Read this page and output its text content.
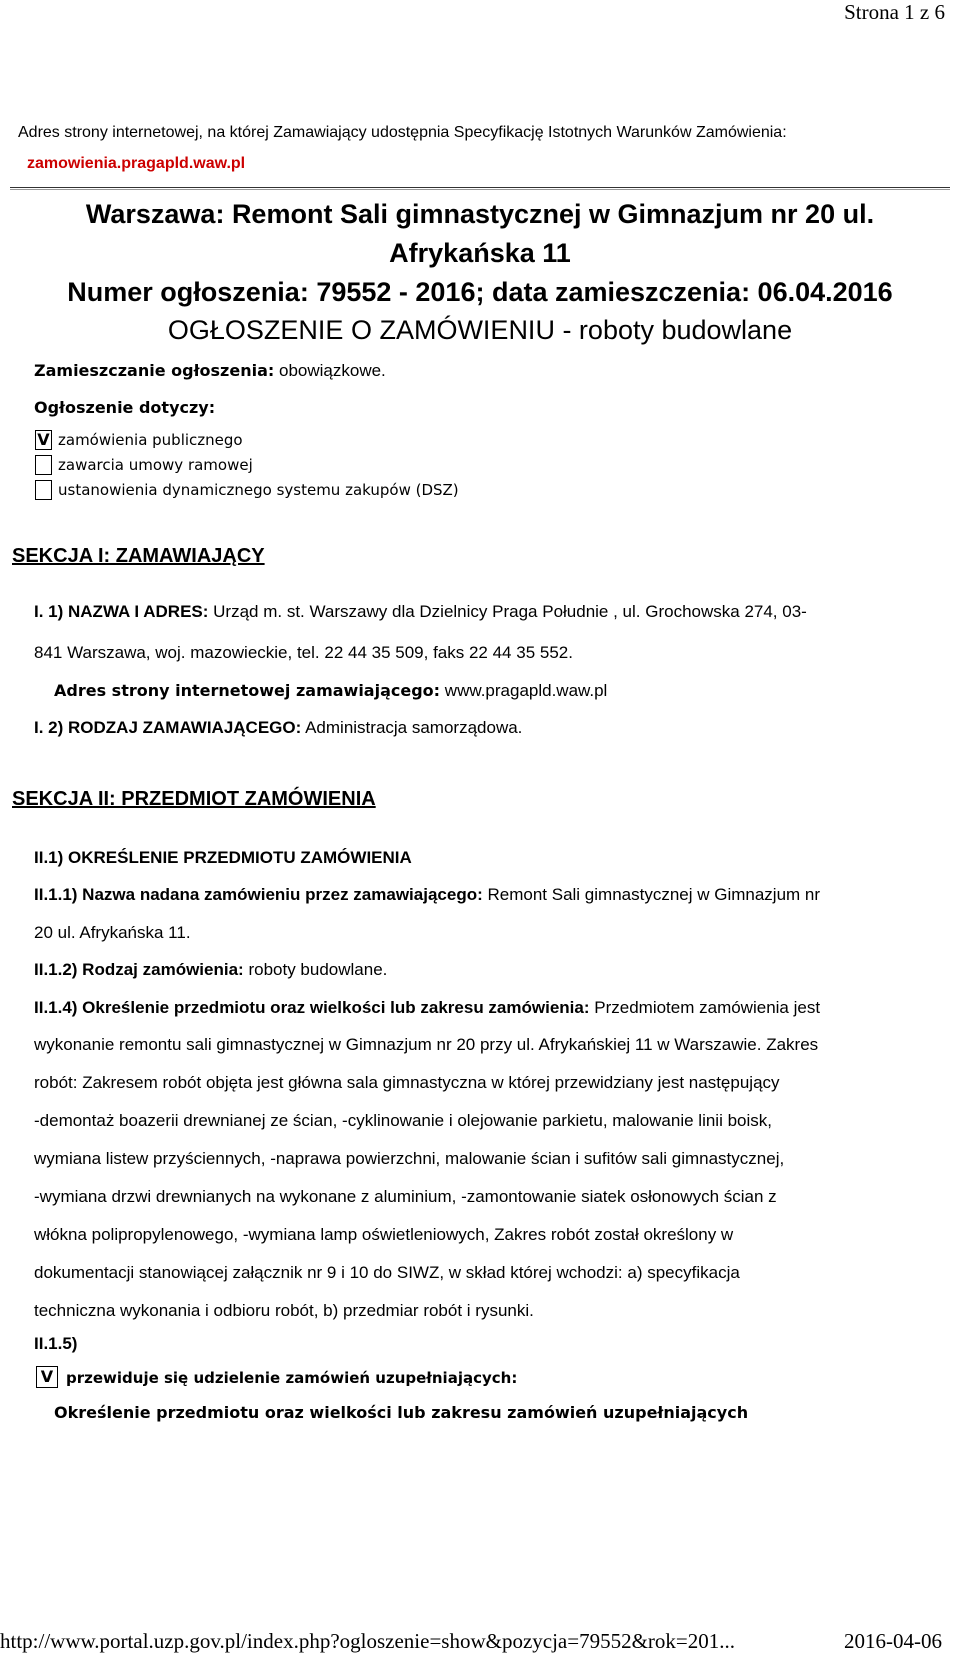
Strona 1 z 6
Adres strony internetowej, na której Zamawiający udostępnia Specyfikację Istotnych Warunków Zamówienia:
zamowienia.pragapld.waw.pl
Warszawa: Remont Sali gimnastycznej w Gimnazjum nr 20 ul.
Afrykańska 11
Numer ogłoszenia: 79552 - 2016; data zamieszczenia: 06.04.2016
OGŁOSZENIE O ZAMÓWIENIU - roboty budowlane
Zamieszczanie ogłoszenia: obowiązkowe.
Ogłoszenie dotyczy:
V zamówienia publicznego
zawarcia umowy ramowej
ustanowienia dynamicznego systemu zakupów (DSZ)
SEKCJA I: ZAMAWIAJĄCY
I. 1) NAZWA I ADRES: Urząd m. st. Warszawy dla Dzielnicy Praga Południe , ul. Grochowska 274, 03-
841 Warszawa, woj. mazowieckie, tel. 22 44 35 509, faks 22 44 35 552.
Adres strony internetowej zamawiającego: www.pragapld.waw.pl
I. 2) RODZAJ ZAMAWIAJĄCEGO: Administracja samorządowa.
SEKCJA II: PRZEDMIOT ZAMÓWIENIA
II.1) OKREŚLENIE PRZEDMIOTU ZAMÓWIENIA
II.1.1) Nazwa nadana zamówieniu przez zamawiającego: Remont Sali gimnastycznej w Gimnazjum nr
20 ul. Afrykańska 11.
II.1.2) Rodzaj zamówienia: roboty budowlane.
II.1.4) Określenie przedmiotu oraz wielkości lub zakresu zamówienia: Przedmiotem zamówienia jest
wykonanie remontu sali gimnastycznej w Gimnazjum nr 20 przy ul. Afrykańskiej 11 w Warszawie. Zakres
robót: Zakresem robót objęta jest główna sala gimnastyczna w której przewidziany jest następujący
-demontaż boazerii drewnianej ze ścian, -cyklinowanie i olejowanie parkietu, malowanie linii boisk,
wymiana listew przyściennych, -naprawa powierzchni, malowanie ścian i sufitów sali gimnastycznej,
-wymiana drzwi drewnianych na wykonane z aluminium, -zamontowanie siatek osłonowych ścian z
włókna polipropylenowego, -wymiana lamp oświetleniowych, Zakres robót został określony w
dokumentacji stanowiącej załącznik nr 9 i 10 do SIWZ, w skład której wchodzi: a) specyfikacja
techniczna wykonania i odbioru robót, b) przedmiar robót i rysunki.
II.1.5)
V przewiduje się udzielenie zamówień uzupełniających:
Określenie przedmiotu oraz wielkości lub zakresu zamówień uzupełniających
http://www.portal.uzp.gov.pl/index.php?ogloszenie=show&pozycja=79552&rok=201...	2016-04-06
